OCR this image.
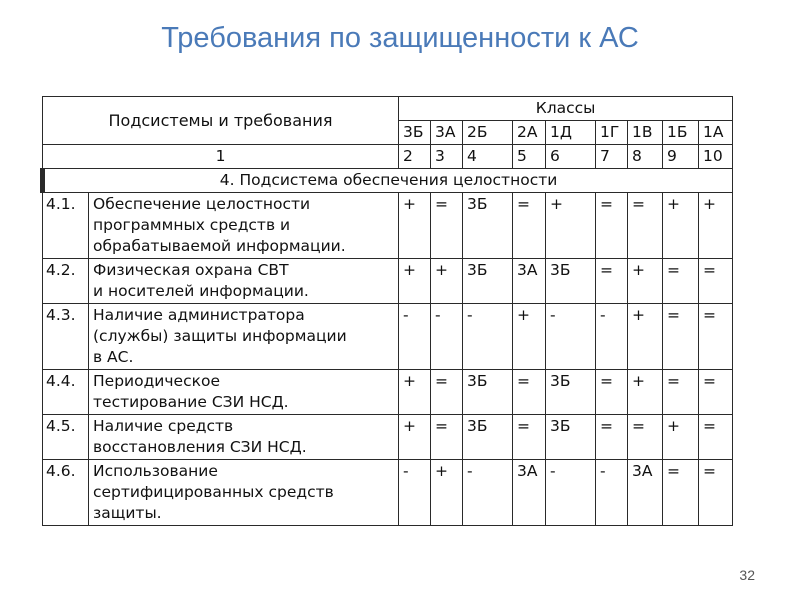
Требования по защищенности к АС
Подсистемы и требования		Классы								
		3Б	3А	2Б	2А	1Д	1Г	1В	1Б	1А
1		2	3	4	5	6	7	8	9	10
4. Подсистема обеспечения целостности										
4.1.	Обеспечение целостности
программных средств и
обрабатываемой информации.	+	=	3Б	=	+	=	=	+	+
4.2.	Физическая охрана СВТ
и носителей информации.	+	+	3Б	3А	3Б	=	+	=	=
4.3.	Наличие администратора
(службы) защиты информации
в АС.	-	-	-	+	-	-	+	=	=
4.4.	Периодическое
тестирование СЗИ НСД.	+	=	3Б	=	3Б	=	+	=	=
4.5.	Наличие средств
восстановления СЗИ НСД.	+	=	3Б	=	3Б	=	=	+	=
4.6.	Использование
сертифицированных средств
защиты.	-	+	-	3А	-	-	3А	=	=
32
